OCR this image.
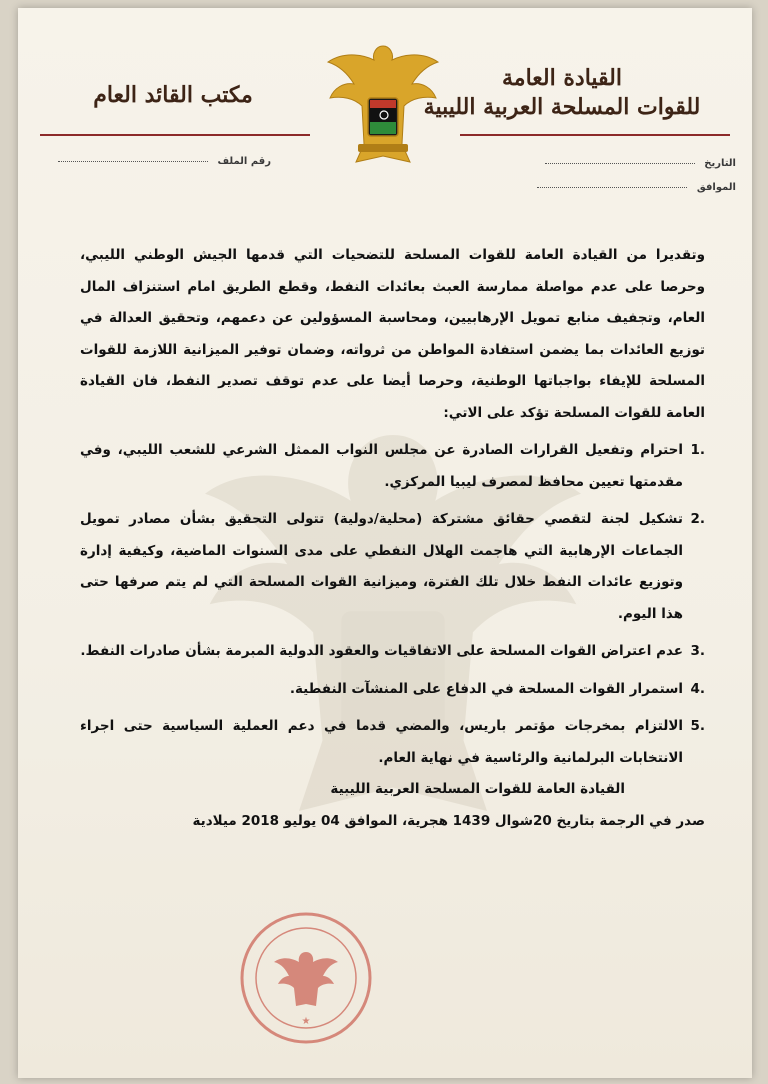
القيادة العامة
للقوات المسلحة العربية الليبية
مكتب القائد العام
رقم الملف	التاريخ
الموافق

وتقديرا من القيادة العامة للقوات المسلحة للتضحيات التي قدمها الجيش الوطني الليبي، وحرصا على عدم مواصلة ممارسة العبث بعائدات النفط، وقطع الطريق امام استنزاف المال العام، وتجفيف منابع تمويل الإرهابيين، ومحاسبة المسؤولين عن دعمهم، وتحقيق العدالة في توزيع العائدات بما يضمن استفادة المواطن من ثرواته، وضمان توفير الميزانية اللازمة للقوات المسلحة للإيفاء بواجباتها الوطنية، وحرصا أيضا على عدم توقف تصدير النفط، فان القيادة العامة للقوات المسلحة تؤكد على الاتي:

1.
احترام وتفعيل القرارات الصادرة عن مجلس النواب الممثل الشرعي للشعب الليبي، وفي مقدمتها تعيين محافظ لمصرف ليبيا المركزي.
2.
تشكيل لجنة لتقصي حقائق مشتركة (محلية/دولية) تتولى التحقيق بشأن مصادر تمويل الجماعات الإرهابية التي هاجمت الهلال النفطي على مدى السنوات الماضية، وكيفية إدارة وتوزيع عائدات النفط خلال تلك الفترة، وميزانية القوات المسلحة التي لم يتم صرفها حتى هذا اليوم.
3.
عدم اعتراض القوات المسلحة على الاتفاقيات والعقود الدولية المبرمة بشأن صادرات النفط.
4.
استمرار القوات المسلحة في الدفاع على المنشآت النفطية.
5.
الالتزام بمخرجات مؤتمر باريس، والمضي قدما في دعم العملية السياسية حتى اجراء الانتخابات البرلمانية والرئاسية في نهاية العام.

القيادة العامة للقوات المسلحة العربية الليبية

صدر في الرجمة بتاريخ 20شوال 1439 هجرية، الموافق 04 يوليو 2018 ميلادية

★
